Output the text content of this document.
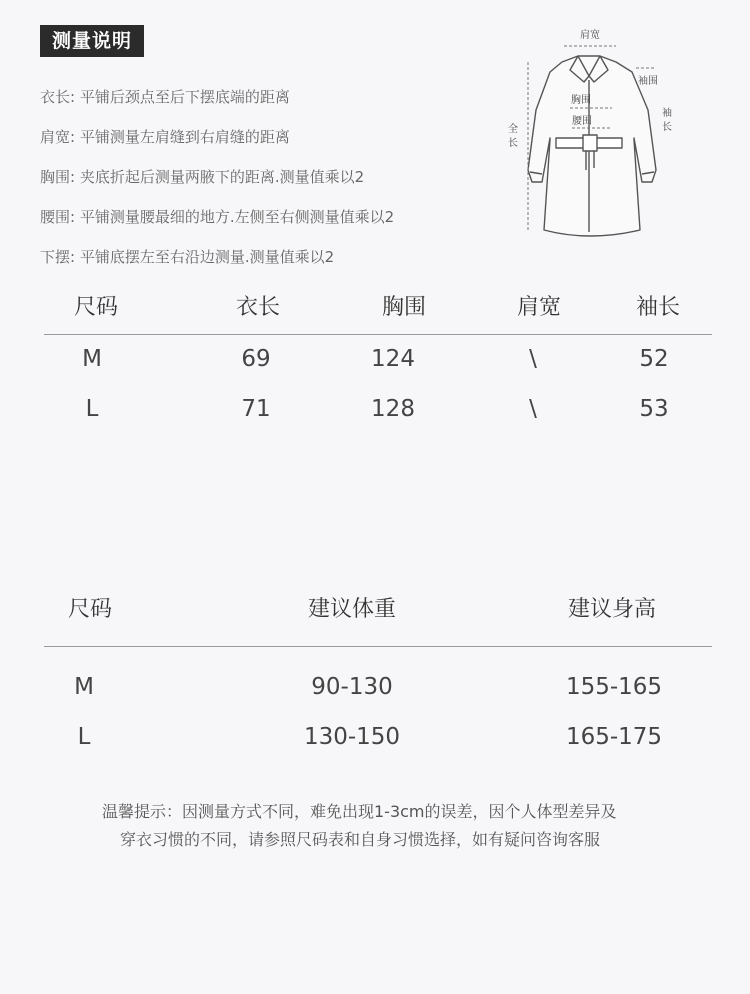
测量说明
衣长: 平铺后颈点至后下摆底端的距离
肩宽: 平铺测量左肩缝到右肩缝的距离
胸围: 夹底折起后测量两腋下的距离.测量值乘以2
腰围: 平铺测量腰最细的地方.左侧至右侧测量值乘以2
下摆: 平铺底摆左至右沿边测量.测量值乘以2
肩宽
袖围
胸围
腰围
全
长
袖
长
尺码	衣长	胸围	肩宽	袖长
M	69	124	\	52
L	71	128	\	53
尺码	建议体重	建议身高
M	90-130	155-165
L	130-150	165-175
温馨提示：因测量方式不同，难免出现1-3cm的误差，因个人体型差异及
穿衣习惯的不同，请参照尺码表和自身习惯选择，如有疑问咨询客服
